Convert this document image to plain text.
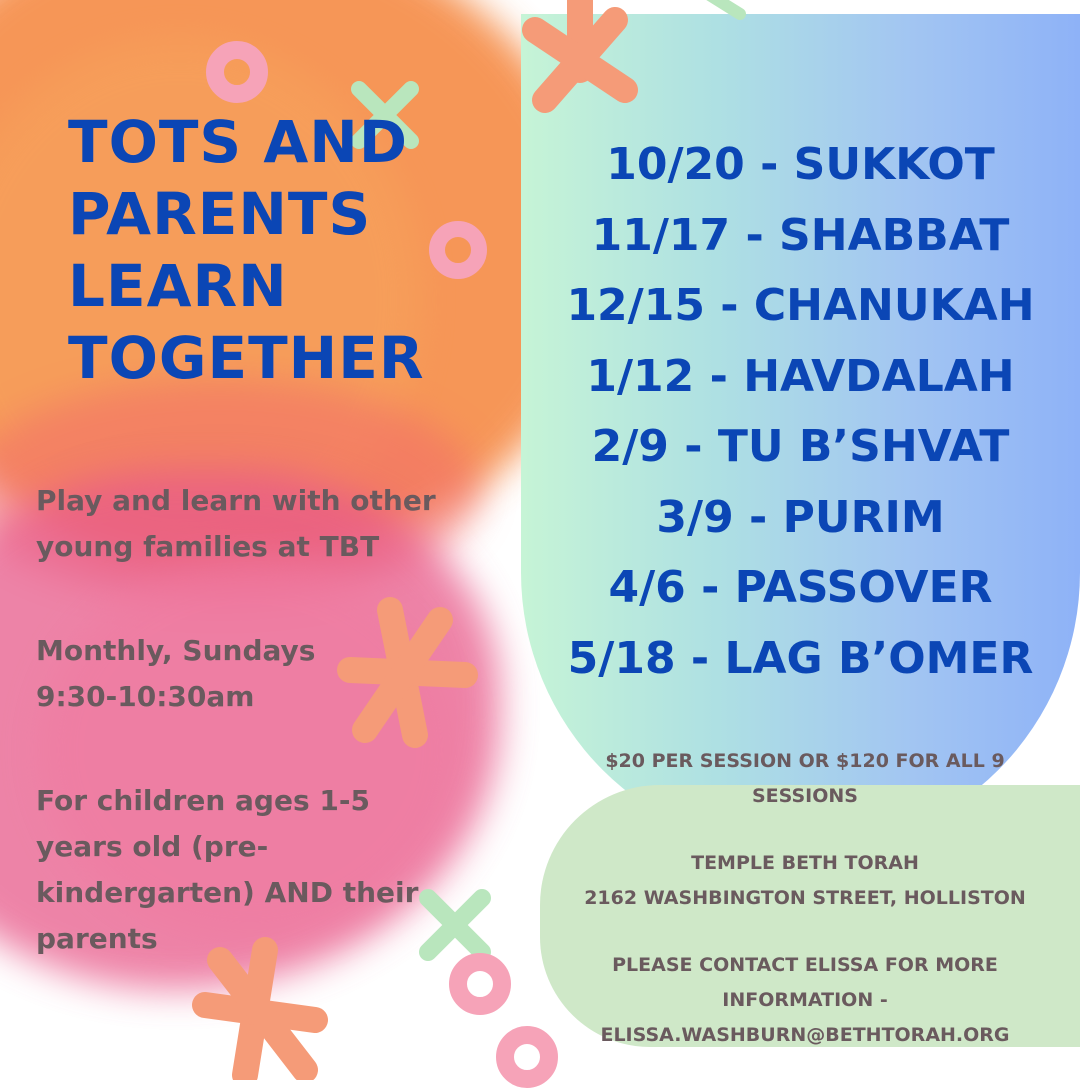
TOTS AND
PARENTS
LEARN
TOGETHER
Play and learn with other
young families at TBT
Monthly, Sundays
9:30-10:30am
For children ages 1-5
years old (pre-
kindergarten) AND their
parents
10/20 - SUKKOT
11/17 - SHABBAT
12/15 - CHANUKAH
1/12 - HAVDALAH
2/9 - TU B’SHVAT
3/9 - PURIM
4/6 - PASSOVER
5/18 - LAG B’OMER
$20 PER SESSION OR $120 FOR ALL 9
SESSIONS
TEMPLE BETH TORAH
2162 WASHBINGTON STREET, HOLLISTON
PLEASE CONTACT ELISSA FOR MORE
INFORMATION -
ELISSA.WASHBURN@BETHTORAH.ORG
